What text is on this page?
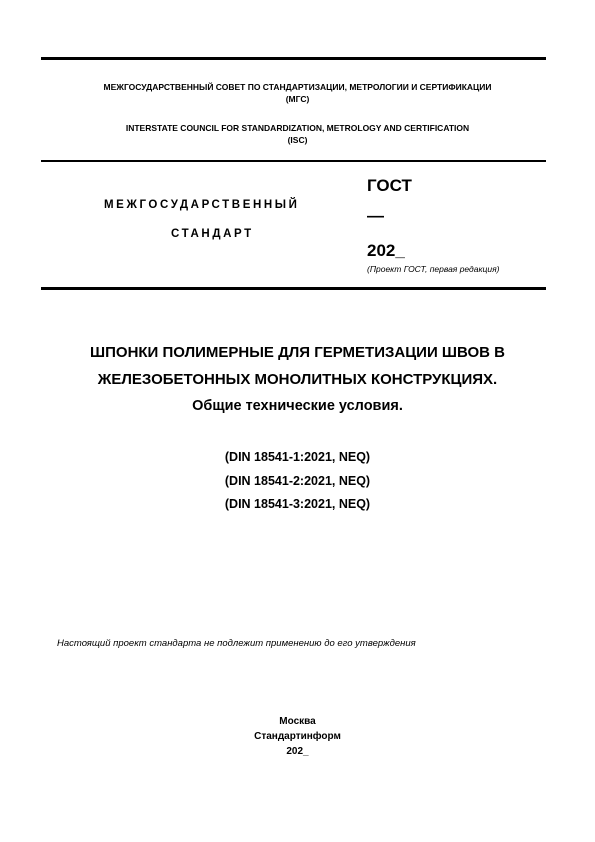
МЕЖГОСУДАРСТВЕННЫЙ СОВЕТ ПО СТАНДАРТИЗАЦИИ, МЕТРОЛОГИИ И СЕРТИФИКАЦИИ
(МГС)
INTERSTATE COUNCIL FOR STANDARDIZATION, METROLOGY AND CERTIFICATION
(ISC)
МЕЖГОСУДАРСТВЕННЫЙ
СТАНДАРТ
ГОСТ
—
202_
(Проект ГОСТ, первая редакция)
ШПОНКИ ПОЛИМЕРНЫЕ ДЛЯ ГЕРМЕТИЗАЦИИ ШВОВ В
ЖЕЛЕЗОБЕТОННЫХ МОНОЛИТНЫХ КОНСТРУКЦИЯХ.
Общие технические условия.
(DIN 18541-1:2021, NEQ)
(DIN 18541-2:2021, NEQ)
(DIN 18541-3:2021, NEQ)
Настоящий проект стандарта не подлежит применению до его утверждения
Москва
Стандартинформ
202_
